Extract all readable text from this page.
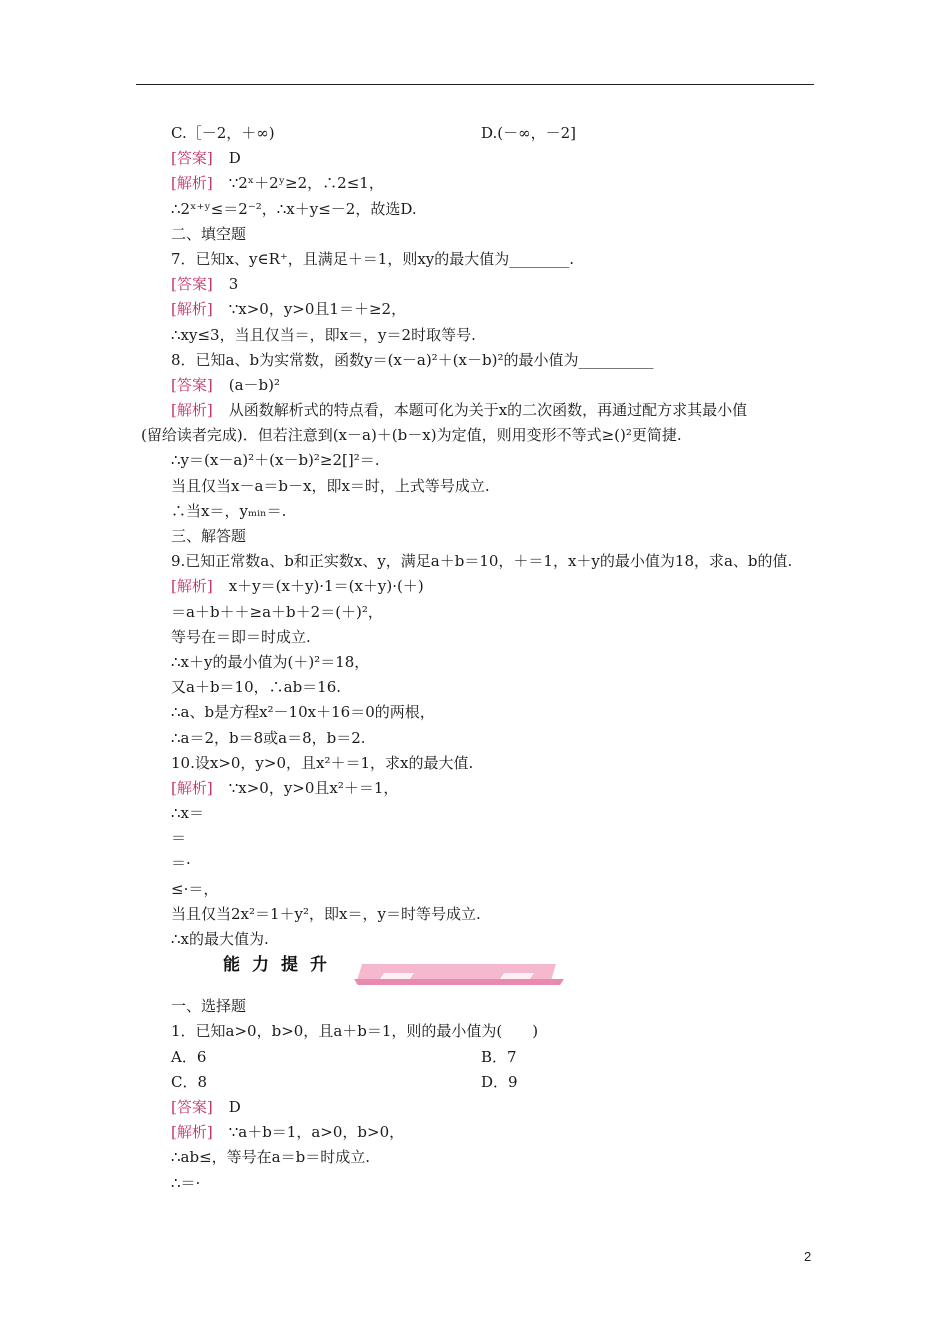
C.［－2，＋∞)	D.(－∞，－2]
[答案] D
[解析] ∵2ˣ＋2ʸ≥2，∴2≤1，
∴2ˣ⁺ʸ≤＝2⁻²，∴x＋y≤－2，故选D.
二、填空题
7．已知x、y∈R⁺，且满足＋＝1，则xy的最大值为________.
[答案] 3
[解析] ∵x>0，y>0且1＝＋≥2，
∴xy≤3，当且仅当＝，即x＝，y＝2时取等号.
8．已知a、b为实常数，函数y＝(x－a)²＋(x－b)²的最小值为__________
[答案] (a－b)²
[解析] 从函数解析式的特点看，本题可化为关于x的二次函数，再通过配方求其最小值
(留给读者完成)．但若注意到(x－a)＋(b－x)为定值，则用变形不等式≥()²更简捷.
∴y＝(x－a)²＋(x－b)²≥2[]²＝.
当且仅当x－a＝b－x，即x＝时，上式等号成立.
∴当x＝，yₘᵢₙ＝.
三、解答题
9.已知正常数a、b和正实数x、y，满足a＋b＝10，＋＝1，x＋y的最小值为18，求a、b的值.
[解析] x＋y＝(x＋y)·1＝(x＋y)·(＋)
＝a＋b＋＋≥a＋b＋2＝(＋)²，
等号在＝即＝时成立.
∴x＋y的最小值为(＋)²＝18，
又a＋b＝10，∴ab＝16.
∴a、b是方程x²－10x＋16＝0的两根，
∴a＝2，b＝8或a＝8，b＝2.
10.设x>0，y>0，且x²＋＝1，求x的最大值.
[解析] ∵x>0，y>0且x²＋＝1，
∴x＝
＝
＝·
≤·＝，
当且仅当2x²＝1＋y²，即x＝，y＝时等号成立.
∴x的最大值为.
能力提升
一、选择题
1．已知a>0，b>0，且a＋b＝1，则的最小值为(　　)
A．6	B．7
C．8	D．9
[答案] D
[解析] ∵a＋b＝1，a>0，b>0，
∴ab≤，等号在a＝b＝时成立.
∴＝·
2
